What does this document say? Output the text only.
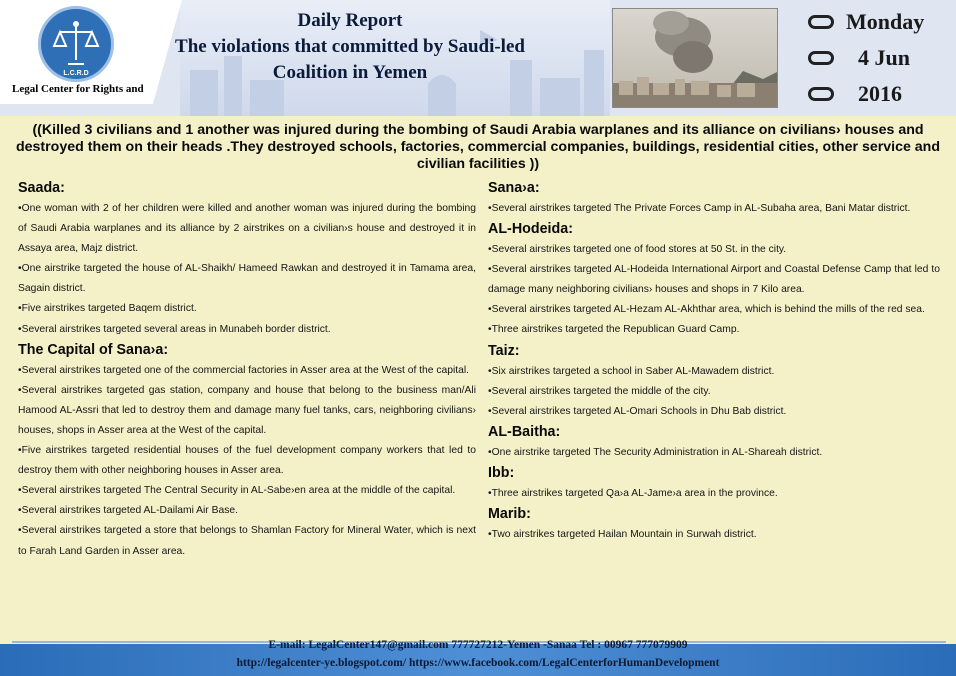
L.C.R.D
Legal Center for Rights and
Daily Report
The violations that committed by Saudi-led
Coalition in Yemen
Monday
4 Jun
2016
((Killed 3 civilians and 1 another was injured during the bombing of Saudi Arabia warplanes and its alliance on civilians› houses and destroyed them on their heads .They destroyed schools, factories, commercial companies, buildings, residential cities, other service and civilian facilities ))
Saada:
•One woman with 2 of her children were killed and another woman was injured during the bombing of Saudi Arabia warplanes and its alliance by 2 airstrikes on a civilian›s house and destroyed it in Assaya area, Majz district.
•One airstrike targeted the house of AL-Shaikh/ Hameed Rawkan and destroyed it in Tamama area, Sagain district.
•Five airstrikes targeted Baqem district.
•Several airstrikes targeted several areas in Munabeh border district.
The Capital of Sana›a:
•Several airstrikes targeted one of the commercial factories in Asser area at the West of the capital.
•Several airstrikes targeted gas station, company and house that belong to the business man/Ali Hamood AL-Assri that led to destroy them and damage many fuel tanks, cars, neighboring civilians› houses, shops in Asser area at the West of the capital.
•Five airstrikes targeted residential houses of the fuel development company workers that led to destroy them with other neighboring houses in Asser area.
•Several airstrikes targeted The Central Security in AL-Sabe›en area at the middle of the capital.
•Several airstrikes targeted AL-Dailami Air Base.
•Several airstrikes targeted a store that belongs to Shamlan Factory for Mineral Water, which is next to Farah Land Garden in Asser area.
Sana›a:
•Several airstrikes targeted The Private Forces Camp in AL-Subaha area, Bani Matar district.
AL-Hodeida:
•Several airstrikes targeted one of food stores at 50 St. in the city.
•Several airstrikes targeted AL-Hodeida International Airport and Coastal Defense Camp that led to damage many neighboring civilians› houses and shops in 7 Kilo area.
•Several airstrikes targeted AL-Hezam AL-Akhthar area, which is behind the mills of the red sea.
•Three airstrikes targeted the Republican Guard Camp.
Taiz:
•Six airstrikes targeted a school in Saber AL-Mawadem district.
•Several airstrikes targeted the middle of the city.
•Several airstrikes targeted AL-Omari Schools in Dhu Bab district.
AL-Baitha:
•One airstrike targeted The Security Administration in AL-Shareah district.
Ibb:
•Three airstrikes targeted Qa›a AL-Jame›a area in the province.
Marib:
•Two airstrikes targeted Hailan Mountain in Surwah district.
E-mail: LegalCenter147@gmail.com 777727212-Yemen -Sanaa Tel : 00967 777079909
http://legalcenter-ye.blogspot.com/ https://www.facebook.com/LegalCenterforHumanDevelopment
